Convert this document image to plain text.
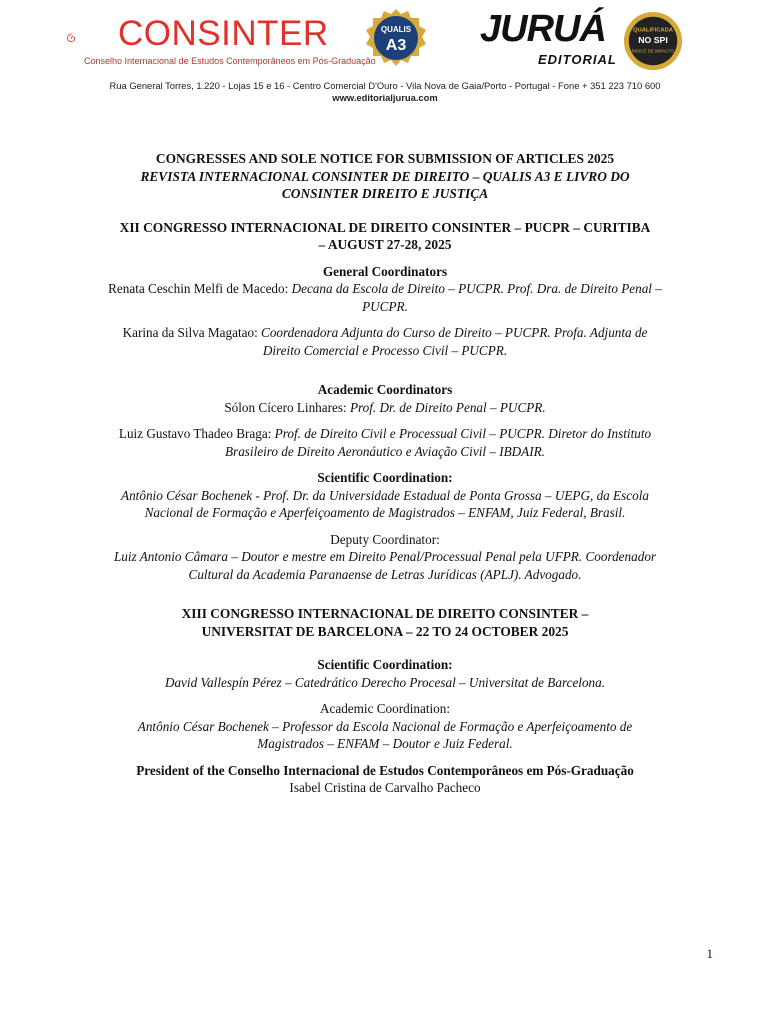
CONSINTER
Conselho Internacional de Estudos Contemporâneos em Pós-Graduação
QUALIS
A3 JURUÁ
EDITORIAL
QUALIFICADA
NO SPI
ÍNDICE DE IMPACTO
Rua General Torres, 1.220 - Lojas 15 e 16 - Centro Comercial D'Ouro - Vila Nova de Gaia/Porto - Portugal - Fone + 351 223 710 600
www.editorialjurua.com

CONGRESSES AND SOLE NOTICE FOR SUBMISSION OF ARTICLES 2025

REVISTA INTERNACIONAL CONSINTER DE DIREITO – QUALIS A3 E LIVRO DO

CONSINTER DIREITO E JUSTIÇA

XII CONGRESSO INTERNACIONAL DE DIREITO CONSINTER – PUCPR – CURITIBA

– AUGUST 27-28, 2025

General Coordinators

Renata Ceschin Melfi de Macedo: Decana da Escola de Direito – PUCPR. Prof. Dra. de Direito Penal –

PUCPR.

Karina da Silva Magatao: Coordenadora Adjunta do Curso de Direito – PUCPR. Profa. Adjunta de

Direito Comercial e Processo Civil – PUCPR.

Academic Coordinators

Sólon Cícero Linhares: Prof. Dr. de Direito Penal – PUCPR.

Luiz Gustavo Thadeo Braga: Prof. de Direito Civil e Processual Civil – PUCPR. Diretor do Instituto

Brasileiro de Direito Aeronáutico e Aviação Civil – IBDAIR.

Scientific Coordination:

Antônio César Bochenek - Prof. Dr. da Universidade Estadual de Ponta Grossa – UEPG, da Escola

Nacional de Formação e Aperfeiçoamento de Magistrados – ENFAM, Juiz Federal, Brasil.

Deputy Coordinator:

Luiz Antonio Câmara – Doutor e mestre em Direito Penal/Processual Penal pela UFPR. Coordenador

Cultural da Academia Paranaense de Letras Jurídicas (APLJ). Advogado.

XIII CONGRESSO INTERNACIONAL DE DIREITO CONSINTER –

UNIVERSITAT DE BARCELONA – 22 TO 24 OCTOBER 2025

Scientific Coordination:

David Vallespín Pérez – Catedrático Derecho Procesal – Universitat de Barcelona.

Academic Coordination:

Antônio César Bochenek – Professor da Escola Nacional de Formação e Aperfeiçoamento de

Magistrados – ENFAM – Doutor e Juiz Federal.

President of the Conselho Internacional de Estudos Contemporâneos em Pós-Graduação

Isabel Cristina de Carvalho Pacheco

1
